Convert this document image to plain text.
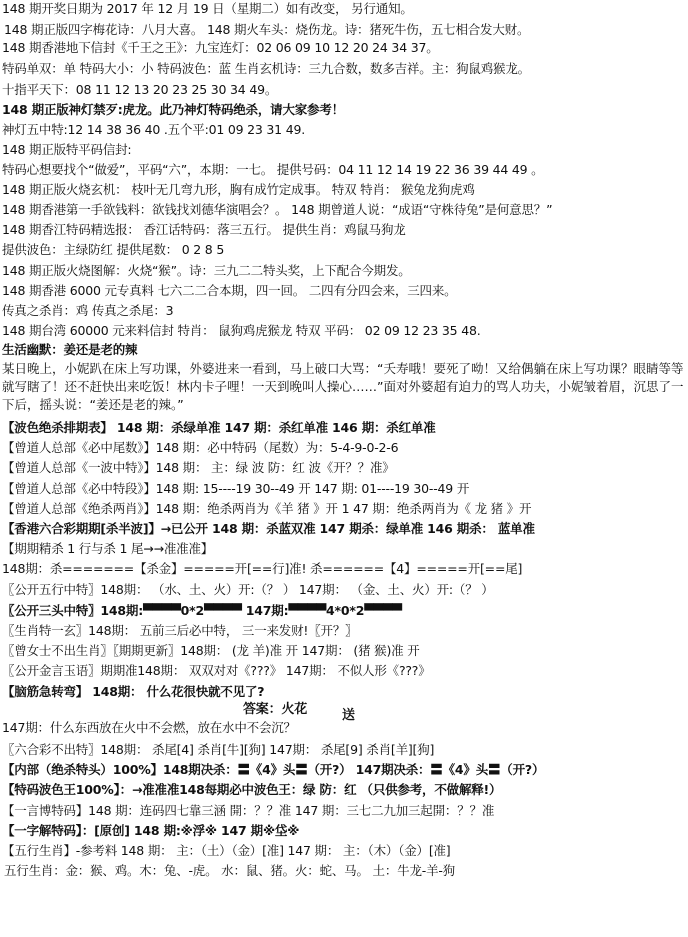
148 期开奖日期为 2017 年 12 月 19 日（星期二）如有改变， 另行通知。
148 期正版四字梅花诗：八月大喜。 148 期火车头：烧伤龙。诗：猪死牛伤，五七相合发大财。
148 期香港地下信封《千王之王》：九宝连灯：02 06 09 10 12 20 24 34 37。
特码单双：单 特码大小：小 特码波色：蓝 生肖玄机诗：三九合数，数多吉祥。主：狗鼠鸡猴龙。
十指平天下：08 11 12 13 20 23 25 30 34 49。
148 期正版神灯禁歹:虎龙。此乃神灯特码绝杀，请大家参考！
神灯五中特:12 14 38 36 40 .五个平:01 09 23 31 49.
148 期正版特平码信封:
特码心想要找个“做爱”，平码“六”，本期：一七。 提供号码：04 11 12 14 19 22 36 39 44 49 。
148 期正版火烧玄机： 枝叶无几弯九形，胸有成竹定成事。 特双 特肖： 猴兔龙狗虎鸡
148 期香港第一手欲钱料：欲钱找刘德华演唱会？。 148 期曾道人说：“成语“守株待兔”是何意思？”
148 期香江特码精选报： 香江话特码：落三五行。 提供生肖：鸡鼠马狗龙
提供波色：主绿防红 提供尾数： 0 2 8 5
148 期正版火烧图解：火烧“猴”。诗：三九二二特头奖，上下配合今期发。
148 期香港 6000 元专真料 七六二二合本期，四一回。 二四有分四会来，三四来。
传真之杀肖：鸡 传真之杀尾：3
148 期台湾 60000 元来料信封 特肖： 鼠狗鸡虎猴龙 特双 平码： 02 09 12 23 35 48.
生活幽默：姜还是老的辣
某日晚上，小妮趴在床上写功课，外婆进来一看到，马上破口大骂：“夭寿哦！要死了呦！又给偶躺在床上写功课？眼睛等等就写瞎了！还不赶快出来吃饭！林内卡子哩！一天到晚叫人操心……”面对外婆超有迫力的骂人功夫，小妮皱着眉，沉思了一下后，摇头说：“姜还是老的辣。”
【波色绝杀排期表】 148 期：杀绿单准 147 期：杀红单准 146 期：杀红单准
【曾道人总部《必中尾数》】148 期：必中特码（尾数）为：5-4-9-0-2-6
【曾道人总部《一波中特》】148 期： 主：绿 波 防：红 波《开？？准》
【曾道人总部《必中特段》】148 期: 15----19 30--49 开 147 期: 01----19 30--49 开
【曾道人总部《绝杀两肖》】148 期：绝杀两肖为《羊 猪 》开 1 47 期：绝杀两肖为《 龙 猪 》开
【香港六合彩期期[杀半波]】→已公开 148 期：杀蓝双准 147 期杀：绿单准 146 期杀： 蓝单准
【期期精杀 1 行与杀 1 尾→→准准准】
148期：杀=======【杀金】=====开[==行]准! 杀======【4】=====开[==尾]
〖公开五行中特〗148期： （水、土、火）开:（？ ） 147期： （金、土、火）开:（？ ）
〖公开三头中特〗148期:▀▀▀▀0*2▀▀▀▀ 147期:▀▀▀▀4*0*2▀▀▀▀
〖生肖特一玄〗148期： 五前三后必中特， 三一来发财!〖开？〗
〖曾女士不出生肖〗〖期期更新〗148期： (龙 羊)准 开 147期： (猪 猴)准 开
〖公开金言玉语〗期期准148期： 双双对对《???》 147期： 不似人形《???》
【脑筋急转弯】 148期： 什么花很快就不见了?
答案：火花	送
147期：什么东西放在火中不会燃，放在水中不会沉？
〖六合彩不出特〗148期： 杀尾[4] 杀肖[牛][狗] 147期： 杀尾[9] 杀肖[羊][狗]
【内部（绝杀特头）100%】148期决杀：〓《4》头〓（开?） 147期决杀：〓《4》头〓（开?）
【特码波色王100%】：→准准准148每期必中波色王：绿 防：红 （只供参考，不做解释!）
【一言博特码】148 期：连码四七靠三涵 開：？？准 147 期：三七二九加三起開：？？准
【一字解特码】：[原创] 148 期:※浮※ 147 期※垈※
【五行生肖】-参考料 148 期： 主：（土）（金）[准] 147 期： 主：（木）（金）[准]
五行生肖：金：猴、鸡。木：兔、-虎。 水：鼠、猪。火：蛇、马。 土：牛龙-羊-狗
